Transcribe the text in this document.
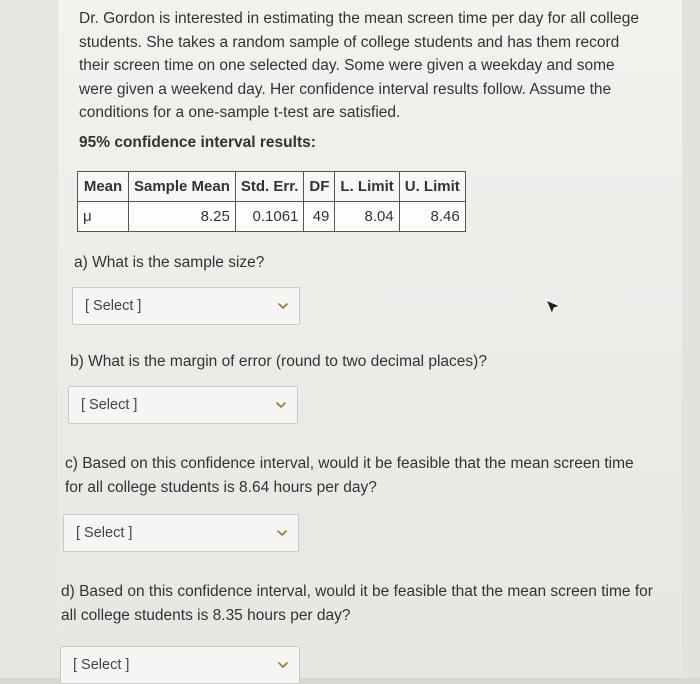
Dr. Gordon is interested in estimating the mean screen time per day for all college students. She takes a random sample of college students and has them record their screen time on one selected day. Some were given a weekday and some were given a weekend day. Her confidence interval results follow. Assume the conditions for a one-sample t-test are satisfied.
95% confidence interval results:
Mean	Sample Mean	Std. Err.	DF	L. Limit	U. Limit
μ	8.25	0.1061	49	8.04	8.46
a) What is the sample size?
[ Select ]
b) What is the margin of error (round to two decimal places)?
[ Select ]
c) Based on this confidence interval, would it be feasible that the mean screen time for all college students is 8.64 hours per day?
[ Select ]
d) Based on this confidence interval, would it be feasible that the mean screen time for all college students is 8.35 hours per day?
[ Select ]
